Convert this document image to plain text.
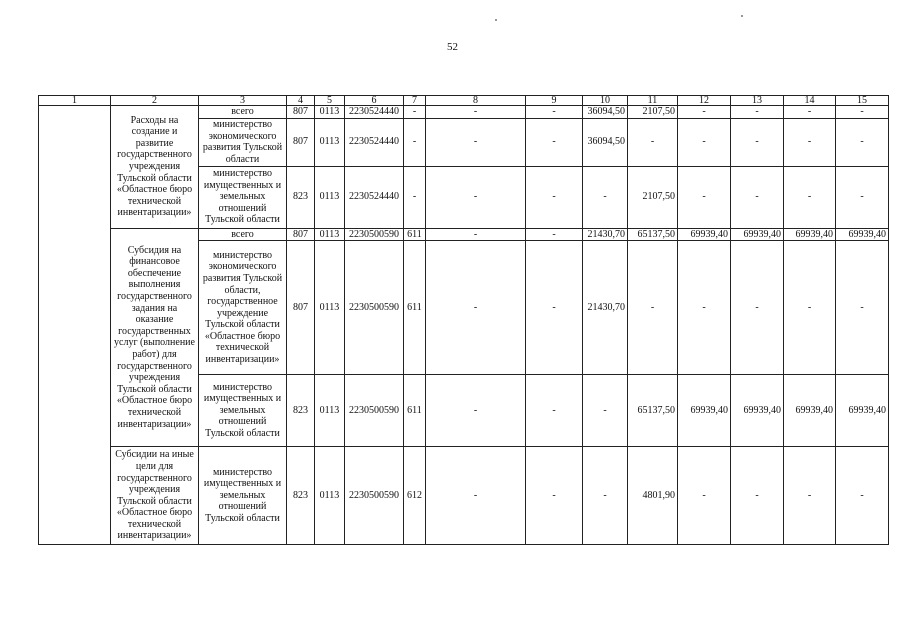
52
1	2	3	4	5	6	7	8	9	10	11	12	13	14	15
	Расходы на создание и развитие государственного учреждения Тульской области «Областное бюро технической инвентаризации»	всего	807	0113	2230524440	-	-	-	36094,50	2107,50	-	-	-	-
		министерство экономического развития Тульской области	807	0113	2230524440	-	-	-	36094,50	-	-	-	-	-
		министерство имущественных и земельных отношений Тульской области	823	0113	2230524440	-	-	-	-	2107,50	-	-	-	-
	Субсидия на финансовое обеспечение выполнения государственного задания на оказание государственных услуг (выполнение работ) для государственного учреждения Тульской области «Областное бюро технической инвентаризации»	всего	807	0113	2230500590	611	-	-	21430,70	65137,50	69939,40	69939,40	69939,40	69939,40
		министерство экономического развития Тульской области, государственное учреждение Тульской области «Областное бюро технической инвентаризации»	807	0113	2230500590	611	-	-	21430,70	-	-	-	-	-
		министерство имущественных и земельных отношений Тульской области	823	0113	2230500590	611	-	-	-	65137,50	69939,40	69939,40	69939,40	69939,40
	Субсидии на иные цели для государственного учреждения Тульской области «Областное бюро технической инвентаризации»	министерство имущественных и земельных отношений Тульской области	823	0113	2230500590	612	-	-	-	4801,90	-	-	-	-
